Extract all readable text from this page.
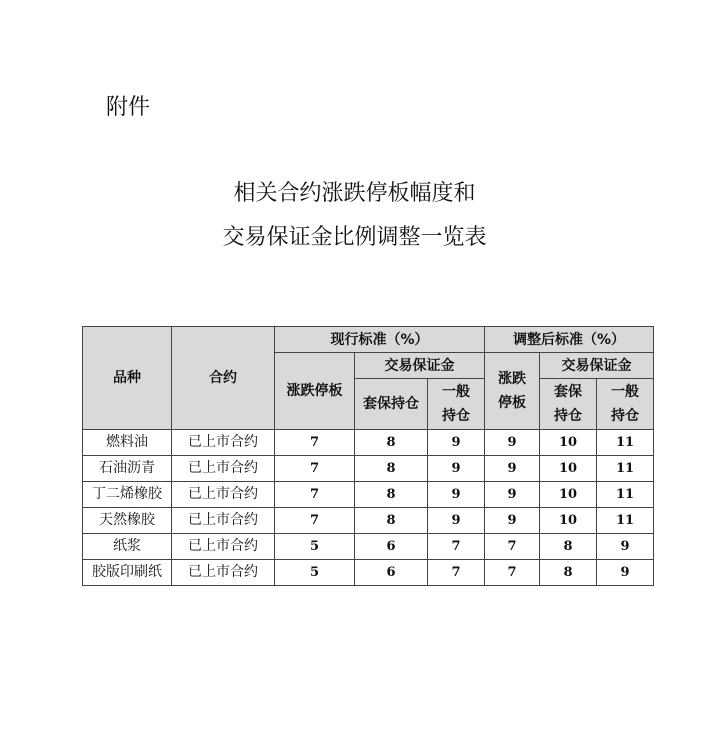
附件
相关合约涨跌停板幅度和
交易保证金比例调整一览表
品种	合约	现行标准（%）			调整后标准（%）		
		涨跌停板	交易保证金		涨跌停板	交易保证金	
			套保持仓	一般持仓		套保持仓	一般持仓
燃料油	已上市合约	7	8	9	9	10	11
石油沥青	已上市合约	7	8	9	9	10	11
丁二烯橡胶	已上市合约	7	8	9	9	10	11
天然橡胶	已上市合约	7	8	9	9	10	11
纸浆	已上市合约	5	6	7	7	8	9
胶版印刷纸	已上市合约	5	6	7	7	8	9
